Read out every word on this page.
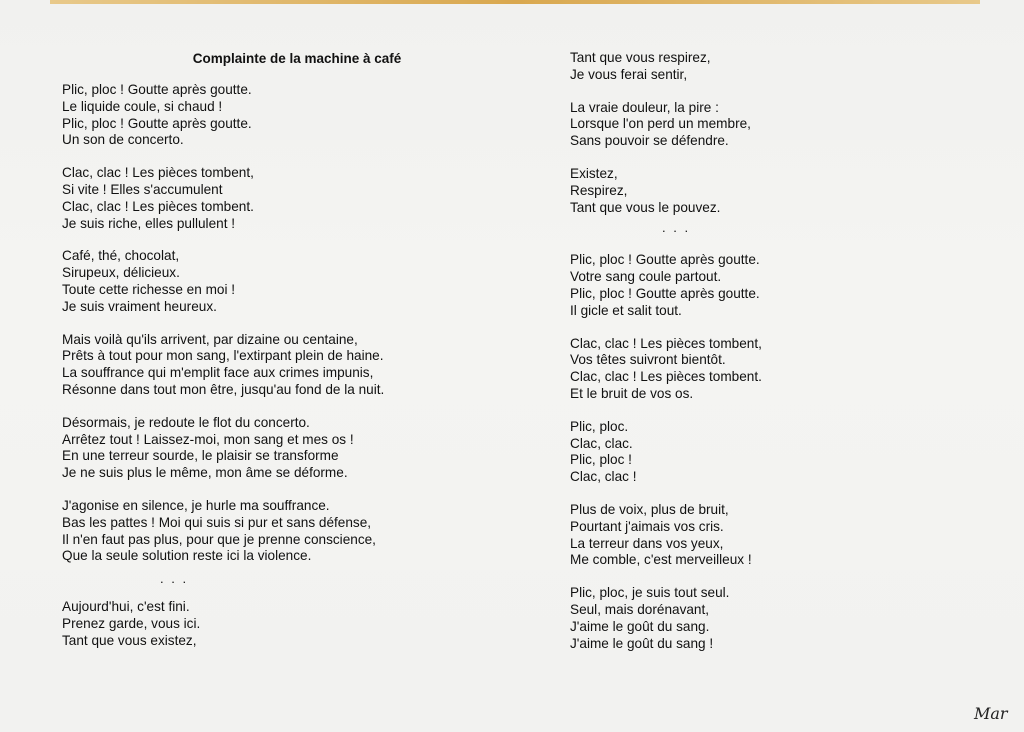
Complainte de la machine à café
Plic, ploc ! Goutte après goutte.
Le liquide coule, si chaud !
Plic, ploc ! Goutte après goutte.
Un son de concerto.
Clac, clac ! Les pièces tombent,
Si vite ! Elles s'accumulent
Clac, clac ! Les pièces tombent.
Je suis riche, elles pullulent !
Café, thé, chocolat,
Sirupeux, délicieux.
Toute cette richesse en moi !
Je suis vraiment heureux.
Mais voilà qu'ils arrivent, par dizaine ou centaine,
Prêts à tout pour mon sang, l'extirpant plein de haine.
La souffrance qui m'emplit face aux crimes impunis,
Résonne dans tout mon être, jusqu'au fond de la nuit.
Désormais, je redoute le flot du concerto.
Arrêtez tout ! Laissez-moi, mon sang et mes os !
En une terreur sourde, le plaisir se transforme
Je ne suis plus le même, mon âme se déforme.
J'agonise en silence, je hurle ma souffrance.
Bas les pattes ! Moi qui suis si pur et sans défense,
Il n'en faut pas plus, pour que je prenne conscience,
Que la seule solution reste ici la violence.
. . .
Aujourd'hui, c'est fini.
Prenez garde, vous ici.
Tant que vous existez,
Tant que vous respirez,
Je vous ferai sentir,
La vraie douleur, la pire :
Lorsque l'on perd un membre,
Sans pouvoir se défendre.
Existez,
Respirez,
Tant que vous le pouvez.
. . .
Plic, ploc ! Goutte après goutte.
Votre sang coule partout.
Plic, ploc ! Goutte après goutte.
Il gicle et salit tout.
Clac, clac ! Les pièces tombent,
Vos têtes suivront bientôt.
Clac, clac ! Les pièces tombent.
Et le bruit de vos os.
Plic, ploc.
Clac, clac.
Plic, ploc !
Clac, clac !
Plus de voix, plus de bruit,
Pourtant j'aimais vos cris.
La terreur dans vos yeux,
Me comble, c'est merveilleux !
Plic, ploc, je suis tout seul.
Seul, mais dorénavant,
J'aime le goût du sang.
J'aime le goût du sang !
Mar
